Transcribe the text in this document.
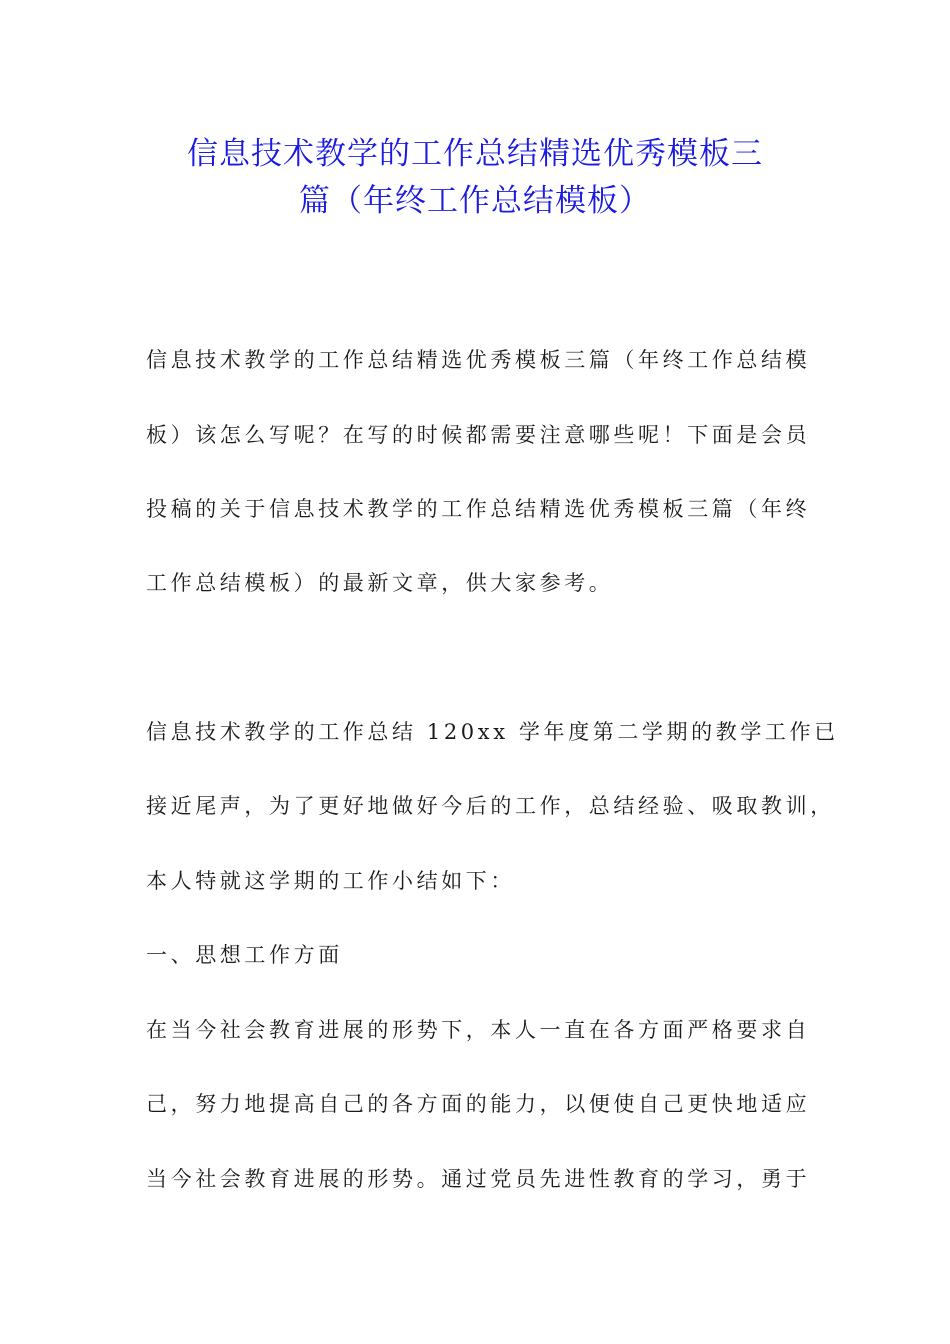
信息技术教学的工作总结精选优秀模板三
篇（年终工作总结模板）
信息技术教学的工作总结精选优秀模板三篇（年终工作总结模
板）该怎么写呢？在写的时候都需要注意哪些呢！下面是会员
投稿的关于信息技术教学的工作总结精选优秀模板三篇（年终
工作总结模板）的最新文章，供大家参考。
信息技术教学的工作总结 120xx 学年度第二学期的教学工作已
接近尾声，为了更好地做好今后的工作，总结经验、吸取教训，
本人特就这学期的工作小结如下：
一、思想工作方面
在当今社会教育进展的形势下，本人一直在各方面严格要求自
己，努力地提高自己的各方面的能力，以便使自己更快地适应
当今社会教育进展的形势。通过党员先进性教育的学习，勇于
